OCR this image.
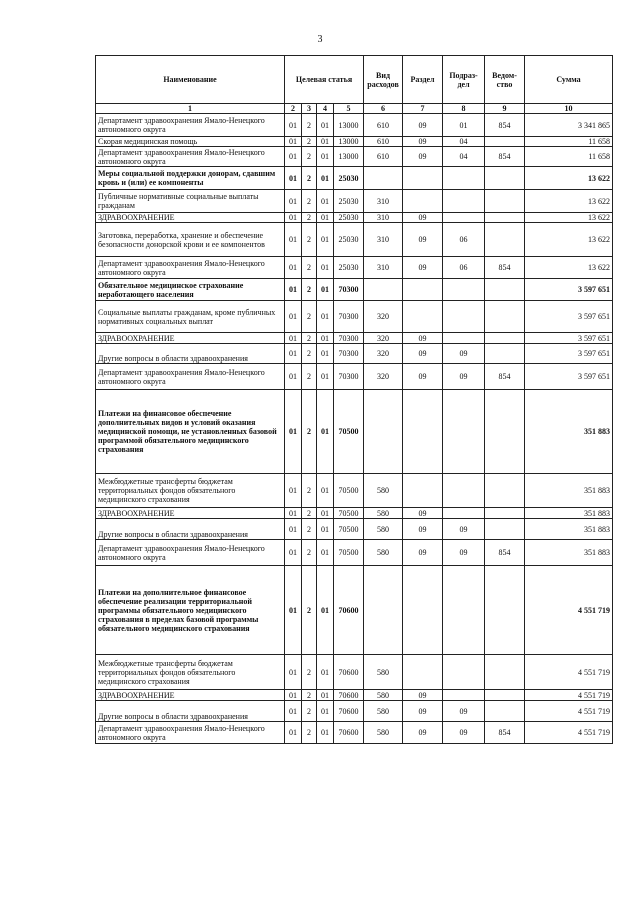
3
Наименование	Целевая статья				Вид расходов	Раздел	Подраз-дел	Ведом-ство	Сумма
1	2	3	4	5	6	7	8	9	10
Департамент здравоохранения Ямало-Ненецкого автономного округа	01	2	01	13000	610	09	01	854	3 341 865
Скорая медицинская помощь	01	2	01	13000	610	09	04		11 658
Департамент здравоохранения Ямало-Ненецкого автономного округа	01	2	01	13000	610	09	04	854	11 658
Меры социальной поддержки донорам, сдавшим кровь и (или) ее компоненты	01	2	01	25030					13 622
Публичные нормативные социальные выплаты гражданам	01	2	01	25030	310				13 622
ЗДРАВООХРАНЕНИЕ	01	2	01	25030	310	09			13 622
Заготовка, переработка, хранение и обеспечение безопасности донорской крови и ее компонентов	01	2	01	25030	310	09	06		13 622
Департамент здравоохранения Ямало-Ненецкого автономного округа	01	2	01	25030	310	09	06	854	13 622
Обязательное медицинское страхование неработающего населения	01	2	01	70300					3 597 651
Социальные выплаты гражданам, кроме публичных нормативных социальных выплат	01	2	01	70300	320				3 597 651
ЗДРАВООХРАНЕНИЕ	01	2	01	70300	320	09			3 597 651
Другие вопросы в области здравоохранения	01	2	01	70300	320	09	09		3 597 651
Департамент здравоохранения Ямало-Ненецкого автономного округа	01	2	01	70300	320	09	09	854	3 597 651
Платежи на финансовое обеспечение дополнительных видов и условий оказания медицинской помощи, не установленных базовой программой обязательного медицинского страхования	01	2	01	70500					351 883
Межбюджетные трансферты бюджетам территориальных фондов обязательного медицинского страхования	01	2	01	70500	580				351 883
ЗДРАВООХРАНЕНИЕ	01	2	01	70500	580	09			351 883
Другие вопросы в области здравоохранения	01	2	01	70500	580	09	09		351 883
Департамент здравоохранения Ямало-Ненецкого автономного округа	01	2	01	70500	580	09	09	854	351 883
Платежи на дополнительное финансовое обеспечение реализации территориальной программы обязательного медицинского страхования в пределах базовой программы обязательного медицинского страхования	01	2	01	70600					4 551 719
Межбюджетные трансферты бюджетам территориальных фондов обязательного медицинского страхования	01	2	01	70600	580				4 551 719
ЗДРАВООХРАНЕНИЕ	01	2	01	70600	580	09			4 551 719
Другие вопросы в области здравоохранения	01	2	01	70600	580	09	09		4 551 719
Департамент здравоохранения Ямало-Ненецкого автономного округа	01	2	01	70600	580	09	09	854	4 551 719
